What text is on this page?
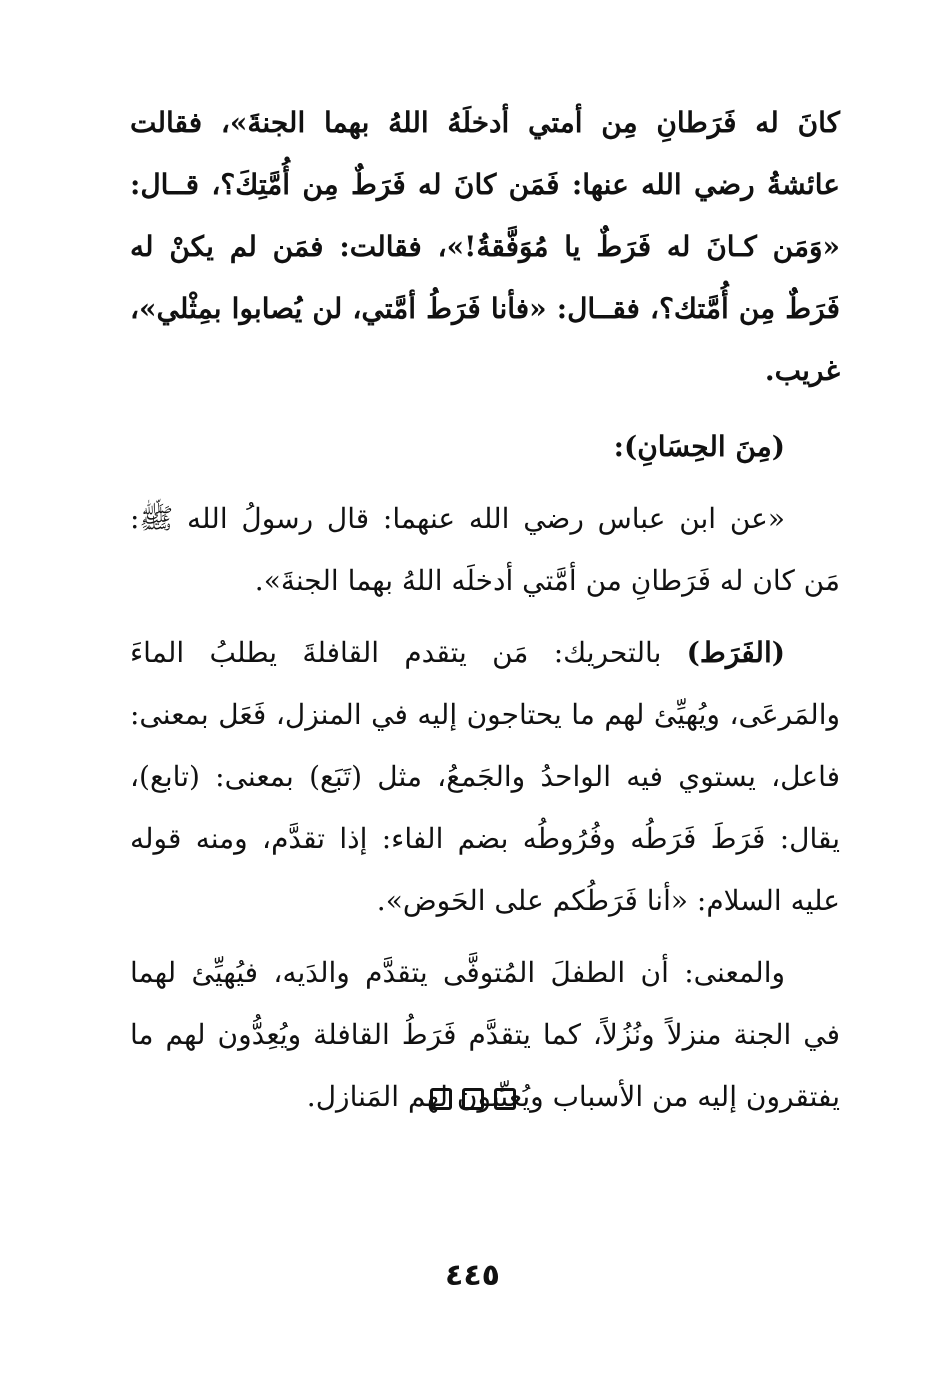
كانَ له فَرَطانِ مِن أمتي أدخلَهُ اللهُ بهما الجنةَ»، فقالت عائشةُ رضي الله عنها: فَمَن كانَ له فَرَطٌ مِن أُمَّتِكَ؟، قــال: «وَمَن كـانَ له فَرَطٌ يا مُوَفَّقةُ!»، فقالت: فمَن لم يكنْ له فَرَطٌ مِن أُمَّتك؟، فقــال: «فأنا فَرَطُ أمَّتي، لن يُصابوا بمِثْلي»، غريب.

(مِنَ الحِسَانِ):

«عن ابن عباس رضي الله عنهما: قال رسولُ الله ﷺ: مَن كان له فَرَطانِ من أمَّتي أدخلَه اللهُ بهما الجنةَ».

(الفَرَط) بالتحريك: مَن يتقدم القافلةَ يطلبُ الماءَ والمَرعَى، ويُهيِّئ لهم ما يحتاجون إليه في المنزل، فَعَل بمعنى: فاعل، يستوي فيه الواحدُ والجَمعُ، مثل (تَبَع) بمعنى: (تابع)، يقال: فَرَطَ فَرَطُه وفُرُوطُه بضم الفاء: إذا تقدَّم، ومنه قوله عليه السلام: «أنا فَرَطُكم على الحَوض».

والمعنى: أن الطفلَ المُتوفَّى يتقدَّم والدَيه، فيُهيِّئ لهما في الجنة منزلاً ونُزُلاً، كما يتقدَّم فَرَطُ القافلة ويُعِدُّون لهم ما يفتقرون إليه من الأسباب ويُعيِّنون لهم المَنازل.

٤٤٥
